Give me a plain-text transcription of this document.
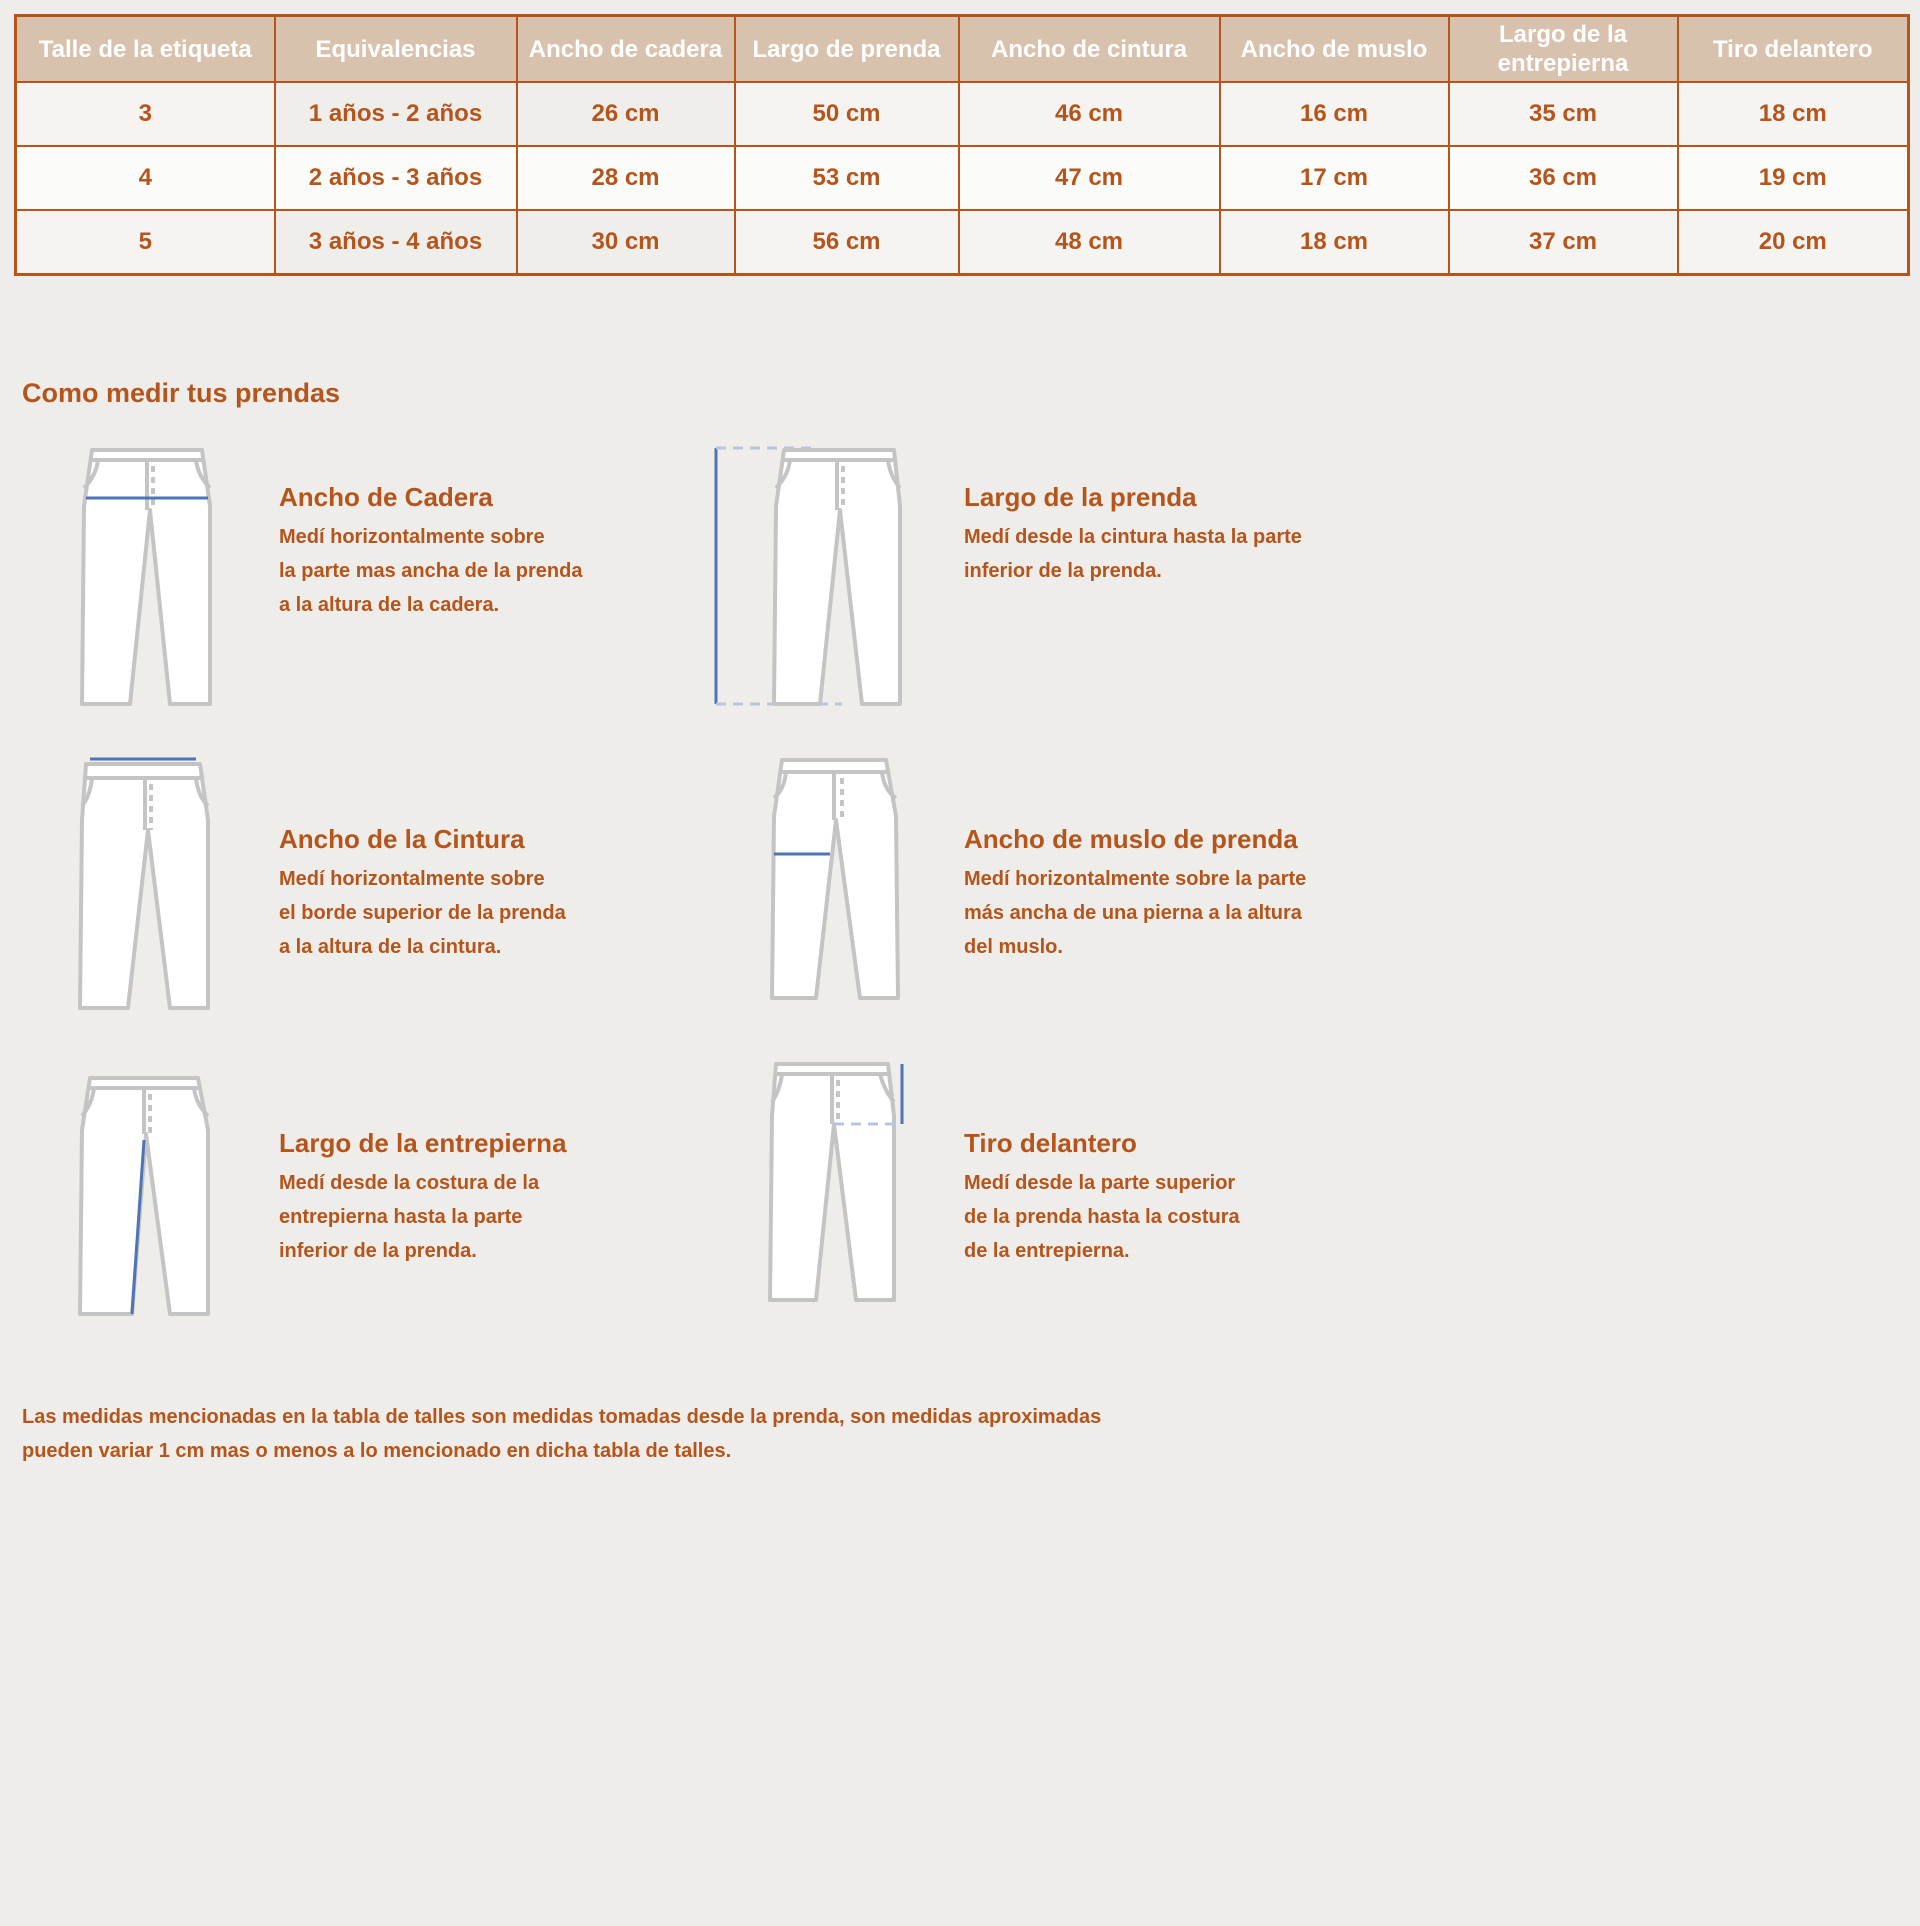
Talle de la etiqueta	Equivalencias	Ancho de cadera	Largo de prenda	Ancho de cintura	Ancho de muslo	Largo de la entrepierna	Tiro delantero
3	1 años - 2 años	26 cm	50 cm	46 cm	16 cm	35 cm	18 cm
4	2 años - 3 años	28 cm	53 cm	47 cm	17 cm	36 cm	19 cm
5	3 años - 4 años	30 cm	56 cm	48 cm	18 cm	37 cm	20 cm
Como medir tus prendas
Ancho de Cadera
Medí horizontalmente sobre
la parte mas ancha de la prenda
a la altura de la cadera.
Largo de la prenda
Medí desde la cintura hasta la parte
inferior de la prenda.
Ancho de la Cintura
Medí horizontalmente sobre
el borde superior de la prenda
a la altura de la cintura.
Ancho de muslo de prenda
Medí horizontalmente sobre la parte
más ancha de una pierna a la altura
del muslo.
Largo de la entrepierna
Medí desde la costura de la
entrepierna hasta la parte
inferior de la prenda.
Tiro delantero
Medí desde la parte superior
de la prenda hasta la costura
de la entrepierna.
Las medidas mencionadas en la tabla de talles son medidas tomadas desde la prenda, son medidas aproximadas
pueden variar 1 cm mas o menos a lo mencionado en dicha tabla de talles.
